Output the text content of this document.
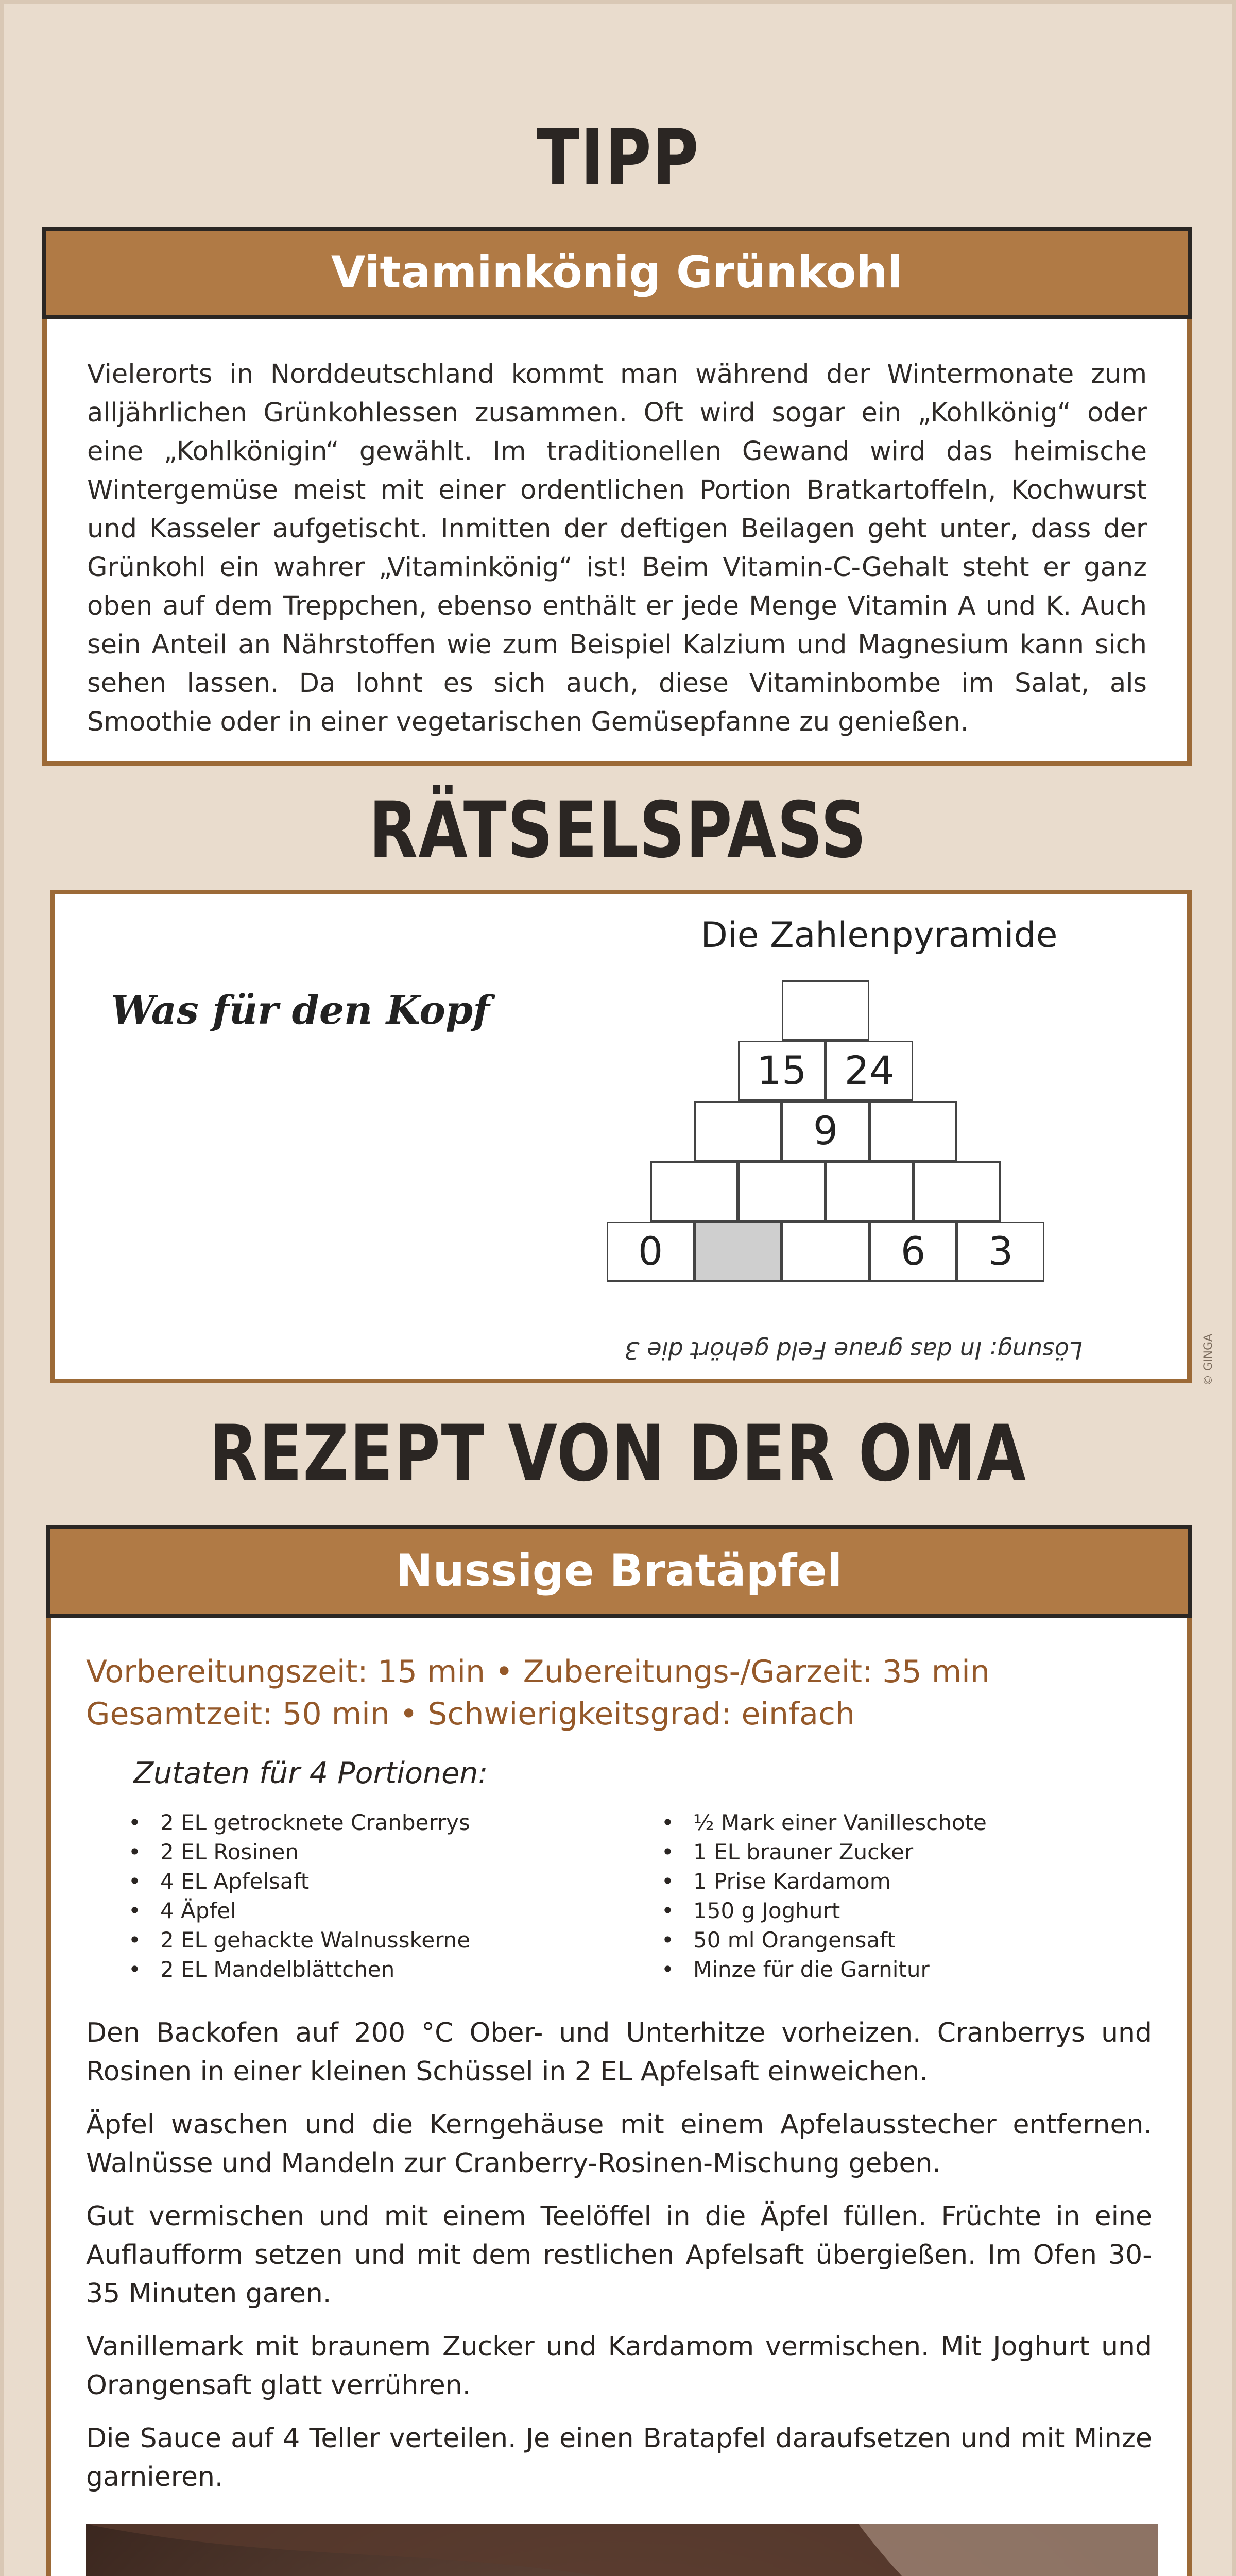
TIPP
Vitaminkönig Grünkohl
Vielerorts in Norddeutschland kommt man während der Wintermonate zum alljährlichen Grünkohlessen zusammen. Oft wird sogar ein „Kohlkönig“ oder eine „Kohlkönigin“ gewählt. Im traditionellen Gewand wird das heimische Wintergemüse meist mit einer ordentlichen Portion Bratkartoffeln, Kochwurst und Kasseler aufgetischt. Inmitten der deftigen Beilagen geht unter, dass der Grünkohl ein wahrer „Vitaminkönig“ ist! Beim Vitamin-C-Gehalt steht er ganz oben auf dem Treppchen, ebenso enthält er jede Menge Vitamin A und K. Auch sein Anteil an Nährstoffen wie zum Beispiel Kalzium und Magnesium kann sich sehen lassen. Da lohnt es sich auch, diese Vitaminbombe im Salat, als Smoothie oder in einer vegetarischen Gemüsepfanne zu genießen.
RÄTSELSPASS
Was für den Kopf
Die Zahlenpyramide
15 24
9
0	6	3
Lösung: In das graue Feld gehört die 3	© GINGA
REZEPT VON DER OMA
Nussige Bratäpfel
Vorbereitungszeit: 15 min • Zubereitungs-/Garzeit: 35 min
Gesamtzeit: 50 min • Schwierigkeitsgrad: einfach
Zutaten für 4 Portionen:
• 2 EL getrocknete Cranberrys
• 2 EL Rosinen
• 4 EL Apfelsaft
• 4 Äpfel
• 2 EL gehackte Walnusskerne
• 2 EL Mandelblättchen
• ½ Mark einer Vanilleschote
• 1 EL brauner Zucker
• 1 Prise Kardamom
• 150 g Joghurt
• 50 ml Orangensaft
• Minze für die Garnitur

Den Backofen auf 200 °C Ober- und Unterhitze vorheizen. Cranberrys und Rosinen in einer kleinen Schüssel in 2 EL Apfelsaft einweichen.

Äpfel waschen und die Kerngehäuse mit einem Apfelausstecher entfernen. Walnüsse und Mandeln zur Cranberry-Rosinen-Mischung geben.

Gut vermischen und mit einem Teelöffel in die Äpfel füllen. Früchte in eine Auflaufform setzen und mit dem restlichen Apfelsaft übergießen. Im Ofen 30-35 Minuten garen.

Vanillemark mit braunem Zucker und Kardamom vermischen. Mit Joghurt und Orangensaft glatt verrühren.

Die Sauce auf 4 Teller verteilen. Je einen Bratapfel daraufsetzen und mit Minze garnieren.
